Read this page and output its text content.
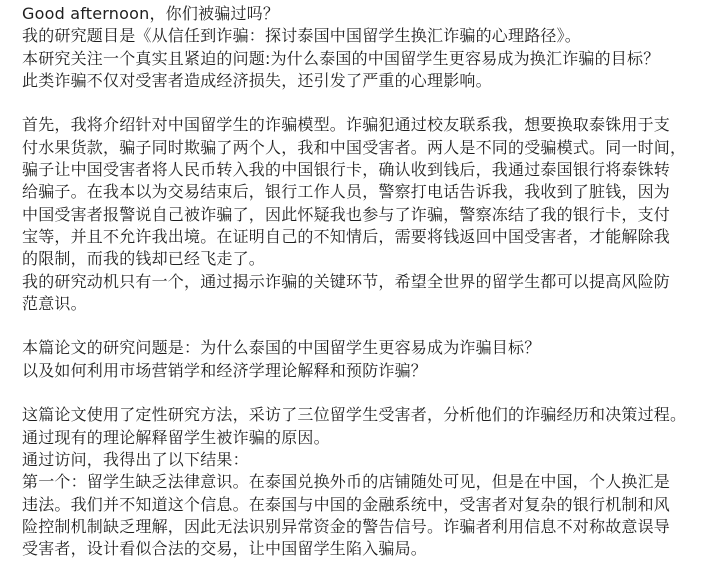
Good afternoon，你们被骗过吗？
我的研究题目是《从信任到诈骗：探讨泰国中国留学生换汇诈骗的心理路径》。
本研究关注一个真实且紧迫的问题:为什么泰国的中国留学生更容易成为换汇诈骗的目标？
此类诈骗不仅对受害者造成经济损失，还引发了严重的心理影响。
首先，我将介绍针对中国留学生的诈骗模型。诈骗犯通过校友联系我，想要换取泰铢用于支
付水果货款，骗子同时欺骗了两个人，我和中国受害者。两人是不同的受骗模式。同一时间，
骗子让中国受害者将人民币转入我的中国银行卡，确认收到钱后，我通过泰国银行将泰铢转
给骗子。在我本以为交易结束后，银行工作人员，警察打电话告诉我，我收到了脏钱，因为
中国受害者报警说自己被诈骗了，因此怀疑我也参与了诈骗，警察冻结了我的银行卡，支付
宝等，并且不允许我出境。在证明自己的不知情后，需要将钱返回中国受害者，才能解除我
的限制，而我的钱却已经飞走了。
我的研究动机只有一个，通过揭示诈骗的关键环节，希望全世界的留学生都可以提高风险防
范意识。
本篇论文的研究问题是：为什么泰国的中国留学生更容易成为诈骗目标？
以及如何利用市场营销学和经济学理论解释和预防诈骗？
这篇论文使用了定性研究方法，采访了三位留学生受害者，分析他们的诈骗经历和决策过程。
通过现有的理论解释留学生被诈骗的原因。
通过访问，我得出了以下结果：
第一个：留学生缺乏法律意识。在泰国兑换外币的店铺随处可见，但是在中国，个人换汇是
违法。我们并不知道这个信息。在泰国与中国的金融系统中，受害者对复杂的银行机制和风
险控制机制缺乏理解，因此无法识别异常资金的警告信号。诈骗者利用信息不对称故意误导
受害者，设计看似合法的交易，让中国留学生陷入骗局。
